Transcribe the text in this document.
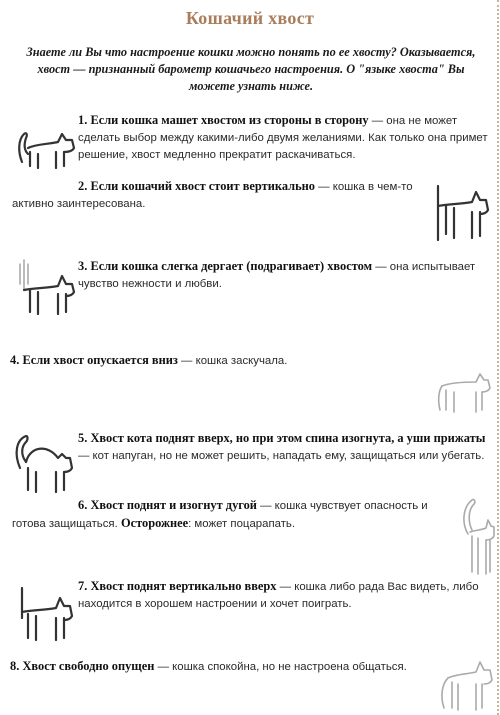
Кошачий хвост
Знаете ли Вы что настроение кошки можно понять по ее хвосту? Оказывается, хвост — признанный барометр кошачьего настроения. О "языке хвоста" Вы можете узнать ниже.
1. Если кошка машет хвостом из стороны в сторону — она не может сделать выбор между какими-либо двумя желаниями. Как только она примет решение, хвост медленно прекратит раскачиваться.
2. Если кошачий хвост стоит вертикально — кошка в чем-то активно заинтересована.
3. Если кошка слегка дергает (подрагивает) хвостом — она испытывает чувство нежности и любви.
4. Если хвост опускается вниз — кошка заскучала.
5. Хвост кота поднят вверх, но при этом спина изогнута, а уши прижаты — кот напуган, но не может решить, нападать ему, защищаться или убегать.
6. Хвост поднят и изогнут дугой — кошка чувствует опасность и готова защищаться. Осторожнее: может поцарапать.
7. Хвост поднят вертикально вверх — кошка либо рада Вас видеть, либо находится в хорошем настроении и хочет поиграть.
8. Хвост свободно опущен — кошка спокойна, но не настроена общаться.
